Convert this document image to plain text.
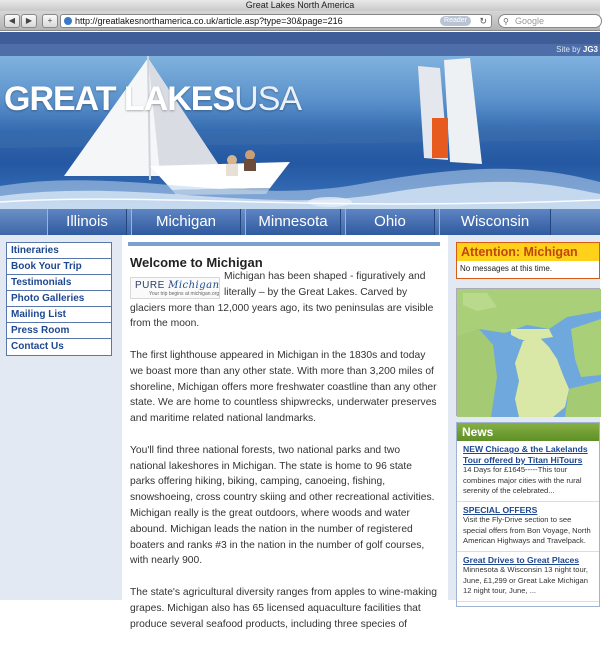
Great Lakes North America
◀	▶	+	http://greatlakesnorthamerica.co.uk/article.asp?type=30&page=216	Reader	↻ ⚲ Google
Site by JG3
GREAT LAKESUSA
Illinois	Michigan	Minnesota	Ohio	Wisconsin
Itineraries
Book Your Trip
Testimonials
Photo Galleries
Mailing List
Press Room
Contact Us
Welcome to Michigan

Michigan has been shaped - figuratively and literally – by the Great Lakes. Carved by glaciers more than 12,000 years ago, its two peninsulas are visible from the moon.

The first lighthouse appeared in Michigan in the 1830s and today we boast more than any other state. With more than 3,200 miles of shoreline, Michigan offers more freshwater coastline than any other state. We are home to countless shipwrecks, underwater preserves and maritime related national landmarks.

You'll find three national forests, two national parks and two national lakeshores in Michigan. The state is home to 96 state parks offering hiking, biking, camping, canoeing, fishing, snowshoeing, cross country skiing and other recreational activities. Michigan really is the great outdoors, where woods and water abound. Michigan leads the nation in the number of registered boaters and ranks #3 in the nation in the number of golf courses, with nearly 900.

The state's agricultural diversity ranges from apples to wine-making grapes. Michigan also has 65 licensed aquaculture facilities that produce several seafood products, including three species of

PURE Michigan
Your trip begins at michigan.org
Attention: Michigan
No messages at this time.
News
NEW Chicago & the Lakelands Tour offered by Titan HiTours
14 Days for £1645-----This tour combines major cities with the rural serenity of the celebrated...
SPECIAL OFFERS
Visit the Fly-Drive section to see special offers from Bon Voyage, North American Highways and Travelpack.
Great Drives to Great Places
Minnesota & Wisconsin 13 night tour, June, £1,299 or Great Lake Michigan 12 night tour, June, ...
